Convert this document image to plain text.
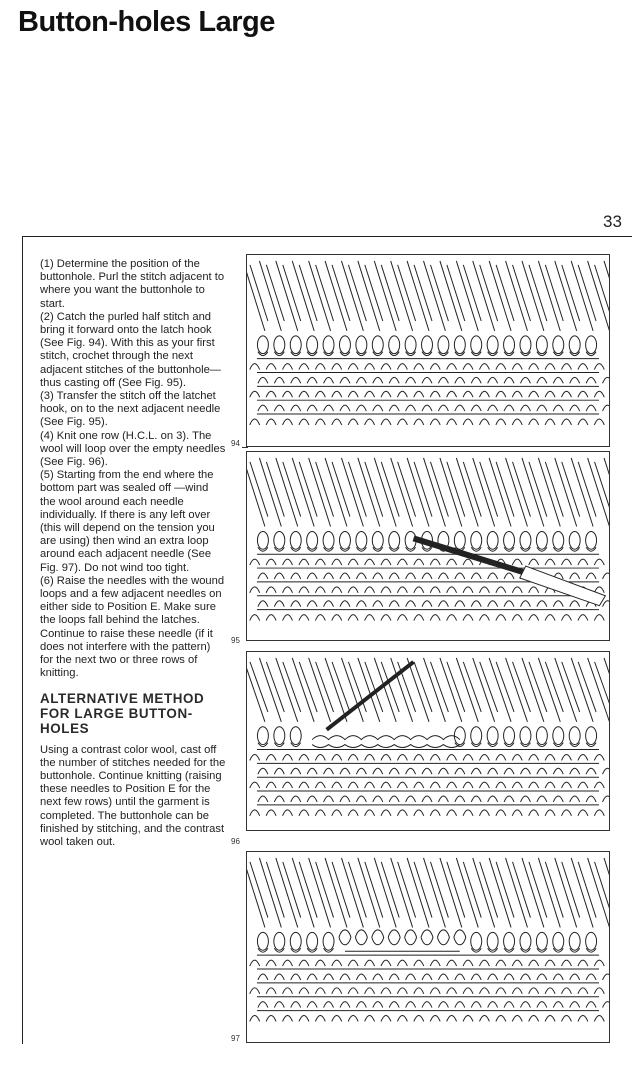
Button-holes Large
33

(1) Determine the position of the buttonhole. Purl the stitch adjacent to where you want the buttonhole to start.

(2) Catch the purled half stitch and bring it forward onto the latch hook (See Fig. 94). With this as your first stitch, crochet through the next adjacent stitches of the buttonhole—thus casting off (See Fig. 95).

(3) Transfer the stitch off the latchet hook, on to the next adjacent needle (See Fig. 95).

(4) Knit one row (H.C.L. on 3). The wool will loop over the empty needles (See Fig. 96).

(5) Starting from the end where the bottom part was sealed off —wind the wool around each needle individually. If there is any left over (this will depend on the tension you are using) then wind an extra loop around each adjacent needle (See Fig. 97). Do not wind too tight.

(6) Raise the needles with the wound loops and a few adjacent needles on either side to Position E. Make sure the loops fall behind the latches. Continue to raise these needle (if it does not interfere with the pattern) for the next two or three rows of knitting.

ALTERNATIVE METHOD FOR LARGE BUTTON-HOLES

Using a contrast color wool, cast off the number of stitches needed for the buttonhole. Continue knitting (raising these needles to Position E for the next few rows) until the garment is completed. The buttonhole can be finished by stitching, and the contrast wool taken out.

94
95
96
97
